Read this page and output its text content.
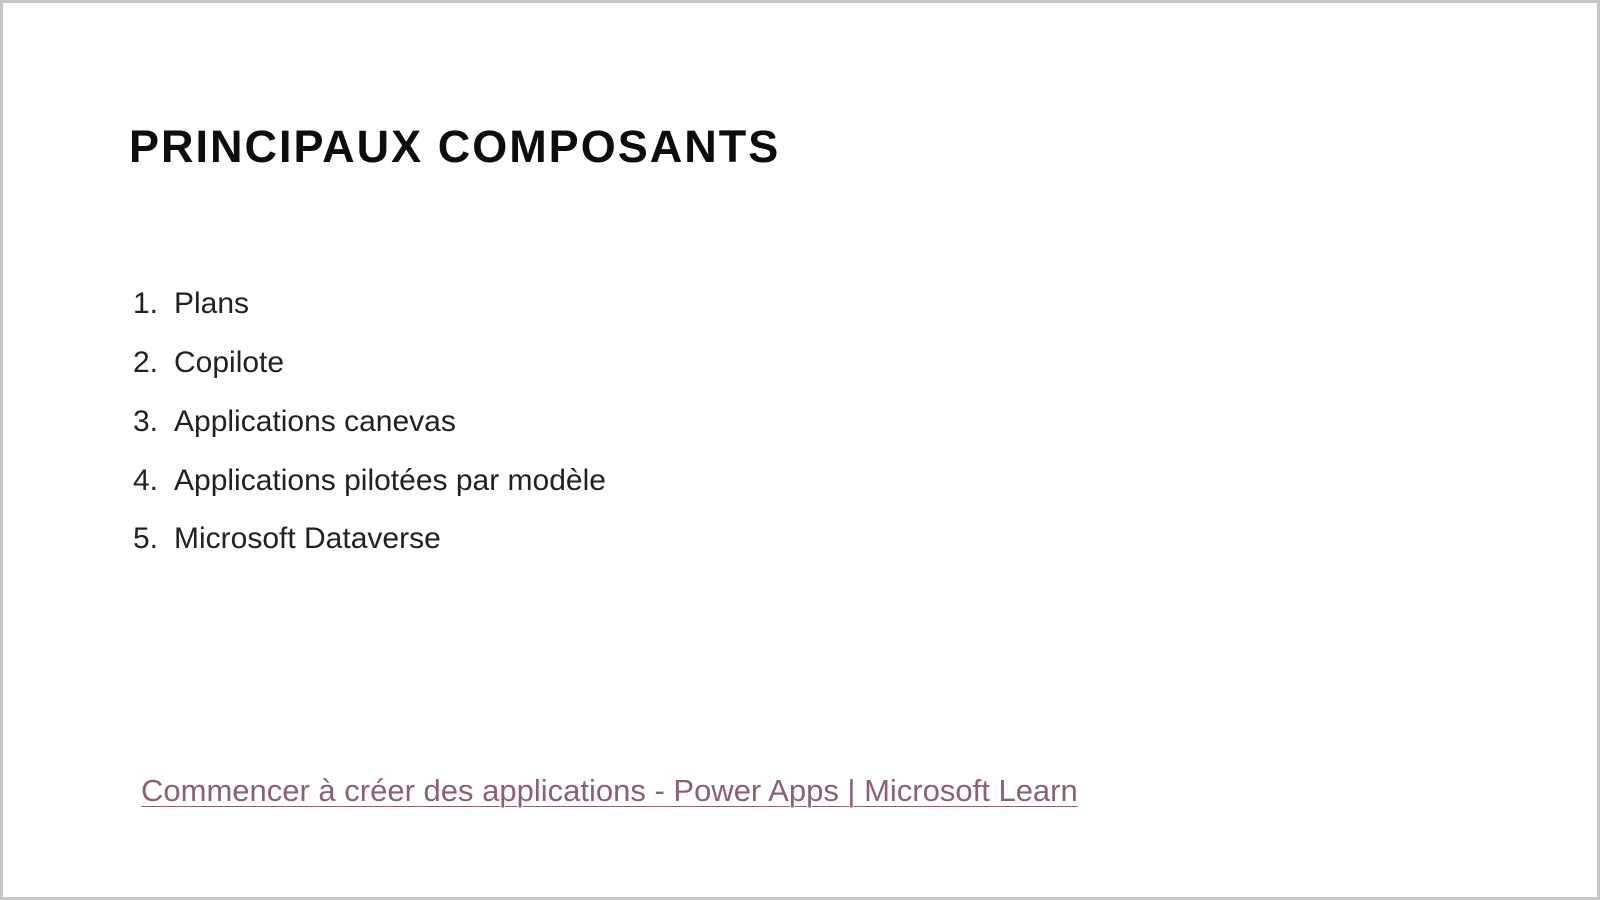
PRINCIPAUX COMPOSANTS
1. Plans
2. Copilote
3. Applications canevas
4. Applications pilotées par modèle
5. Microsoft Dataverse
Commencer à créer des applications - Power Apps | Microsoft Learn
